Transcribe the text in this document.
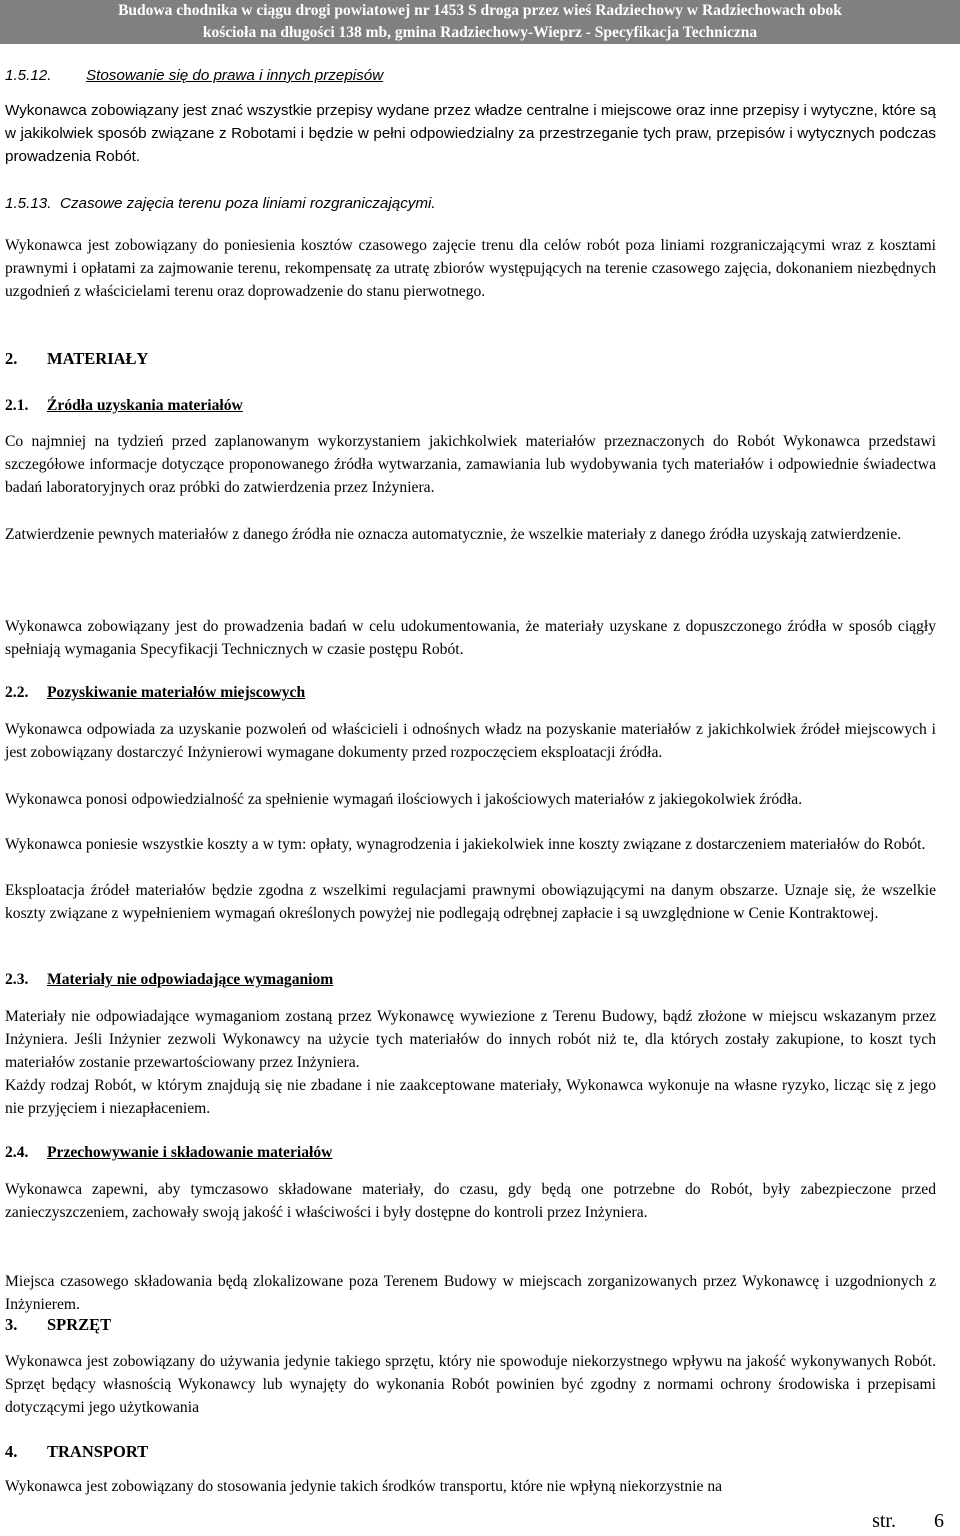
Budowa chodnika w ciągu drogi powiatowej nr 1453 S droga przez wieś Radziechowy w Radziechowach obok
kościoła na długości 138 mb, gmina Radziechowy-Wieprz - Specyfikacja Techniczna
1.5.12. Stosowanie się do prawa i innych przepisów
Wykonawca zobowiązany jest znać wszystkie przepisy wydane przez władze centralne i miejscowe oraz inne przepisy i wytyczne, które są w jakikolwiek sposób związane z Robotami i będzie w pełni odpowiedzialny za przestrzeganie tych praw, przepisów i wytycznych podczas prowadzenia Robót.
1.5.13. Czasowe zajęcia terenu poza liniami rozgraniczającymi.
Wykonawca jest zobowiązany do poniesienia kosztów czasowego zajęcie trenu dla celów robót poza liniami rozgraniczającymi wraz z kosztami prawnymi i opłatami za zajmowanie terenu, rekompensatę za utratę zbiorów występujących na terenie czasowego zajęcia, dokonaniem niezbędnych uzgodnień z właścicielami terenu oraz doprowadzenie do stanu pierwotnego.
2. MATERIAŁY
2.1. Źródła uzyskania materiałów
Co najmniej na tydzień przed zaplanowanym wykorzystaniem jakichkolwiek materiałów przeznaczonych do Robót Wykonawca przedstawi szczegółowe informacje dotyczące proponowanego źródła wytwarzania, zamawiania lub wydobywania tych materiałów i odpowiednie świadectwa badań laboratoryjnych oraz próbki do zatwierdzenia przez Inżyniera.
Zatwierdzenie pewnych materiałów z danego źródła nie oznacza automatycznie, że wszelkie materiały z danego źródła uzyskają zatwierdzenie.
Wykonawca zobowiązany jest do prowadzenia badań w celu udokumentowania, że materiały uzyskane z dopuszczonego źródła w sposób ciągły spełniają wymagania Specyfikacji Technicznych w czasie postępu Robót.
2.2. Pozyskiwanie materiałów miejscowych
Wykonawca odpowiada za uzyskanie pozwoleń od właścicieli i odnośnych władz na pozyskanie materiałów z jakichkolwiek źródeł miejscowych i jest zobowiązany dostarczyć Inżynierowi wymagane dokumenty przed rozpoczęciem eksploatacji źródła.
Wykonawca ponosi odpowiedzialność za spełnienie wymagań ilościowych i jakościowych materiałów z jakiegokolwiek źródła.
Wykonawca poniesie wszystkie koszty a w tym: opłaty, wynagrodzenia i jakiekolwiek inne koszty związane z dostarczeniem materiałów do Robót.
Eksploatacja źródeł materiałów będzie zgodna z wszelkimi regulacjami prawnymi obowiązującymi na danym obszarze. Uznaje się, że wszelkie koszty związane z wypełnieniem wymagań określonych powyżej nie podlegają odrębnej zapłacie i są uwzględnione w Cenie Kontraktowej.
2.3. Materiały nie odpowiadające wymaganiom
Materiały nie odpowiadające wymaganiom zostaną przez Wykonawcę wywiezione z Terenu Budowy, bądź złożone w miejscu wskazanym przez Inżyniera. Jeśli Inżynier zezwoli Wykonawcy na użycie tych materiałów do innych robót niż te, dla których zostały zakupione, to koszt tych materiałów zostanie przewartościowany przez Inżyniera.
Każdy rodzaj Robót, w którym znajdują się nie zbadane i nie zaakceptowane materiały, Wykonawca wykonuje na własne ryzyko, licząc się z jego nie przyjęciem i niezapłaceniem.
2.4. Przechowywanie i składowanie materiałów
Wykonawca zapewni, aby tymczasowo składowane materiały, do czasu, gdy będą one potrzebne do Robót, były zabezpieczone przed zanieczyszczeniem, zachowały swoją jakość i właściwości i były dostępne do kontroli przez Inżyniera.
Miejsca czasowego składowania będą zlokalizowane poza Terenem Budowy w miejscach zorganizowanych przez Wykonawcę i uzgodnionych z Inżynierem.
3. SPRZĘT
Wykonawca jest zobowiązany do używania jedynie takiego sprzętu, który nie spowoduje niekorzystnego wpływu na jakość wykonywanych Robót. Sprzęt będący własnością Wykonawcy lub wynajęty do wykonania Robót powinien być zgodny z normami ochrony środowiska i przepisami dotyczącymi jego użytkowania
4. TRANSPORT
Wykonawca jest zobowiązany do stosowania jedynie takich środków transportu, które nie wpłyną niekorzystnie na
str. 6
